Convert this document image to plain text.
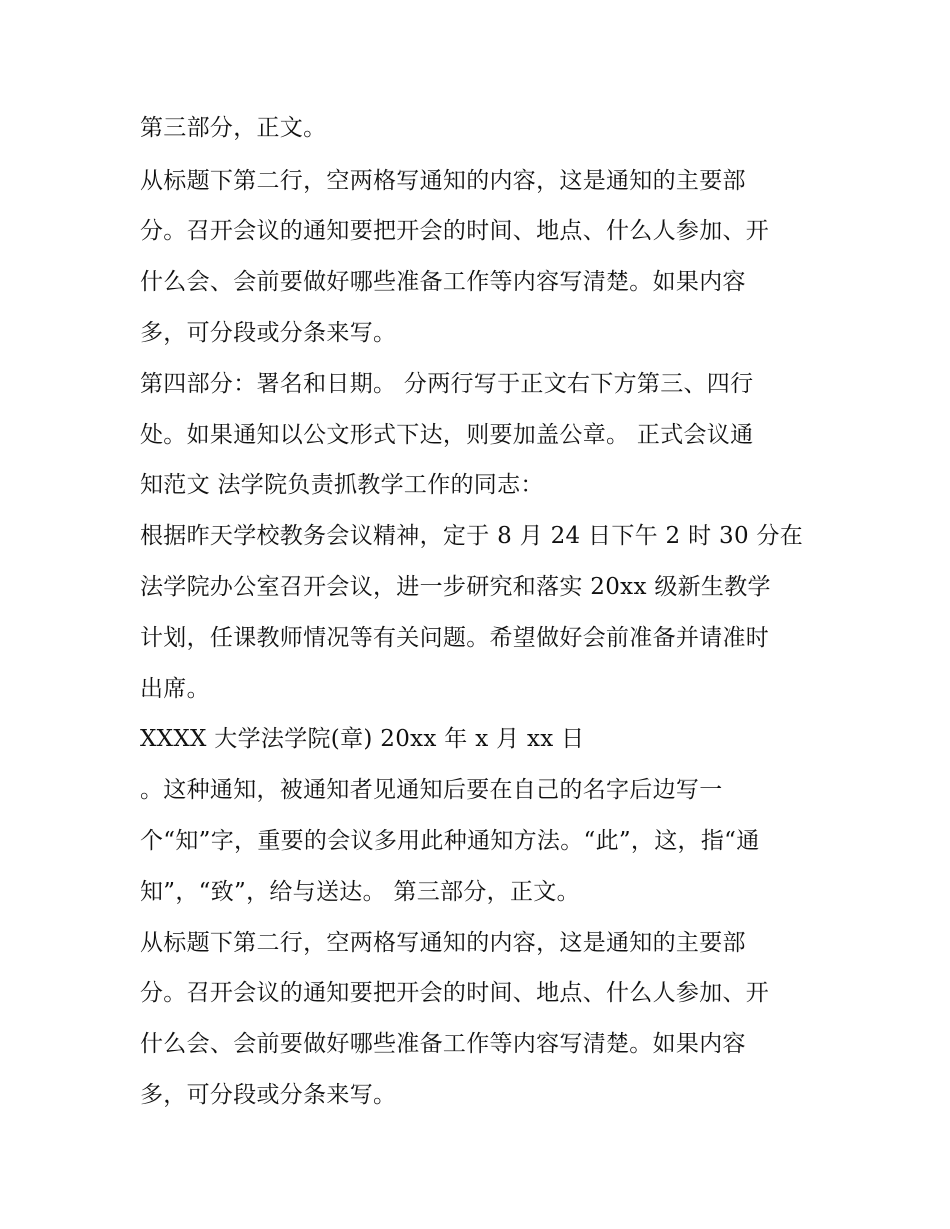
第三部分，正文。
从标题下第二行，空两格写通知的内容，这是通知的主要部
分。召开会议的通知要把开会的时间、地点、什么人参加、开
什么会、会前要做好哪些准备工作等内容写清楚。如果内容
多，可分段或分条来写。
第四部分：署名和日期。 分两行写于正文右下方第三、四行
处。如果通知以公文形式下达，则要加盖公章。 正式会议通
知范文 法学院负责抓教学工作的同志：
根据昨天学校教务会议精神，定于 8 月 24 日下午 2 时 30 分在
法学院办公室召开会议，进一步研究和落实 20xx 级新生教学
计划，任课教师情况等有关问题。希望做好会前准备并请准时
出席。
XXXX 大学法学院(章) 20xx 年 x 月 xx 日
。这种通知，被通知者见通知后要在自己的名字后边写一
个“知”字，重要的会议多用此种通知方法。“此”，这，指“通
知”，“致”，给与送达。 第三部分，正文。
从标题下第二行，空两格写通知的内容，这是通知的主要部
分。召开会议的通知要把开会的时间、地点、什么人参加、开
什么会、会前要做好哪些准备工作等内容写清楚。如果内容
多，可分段或分条来写。
